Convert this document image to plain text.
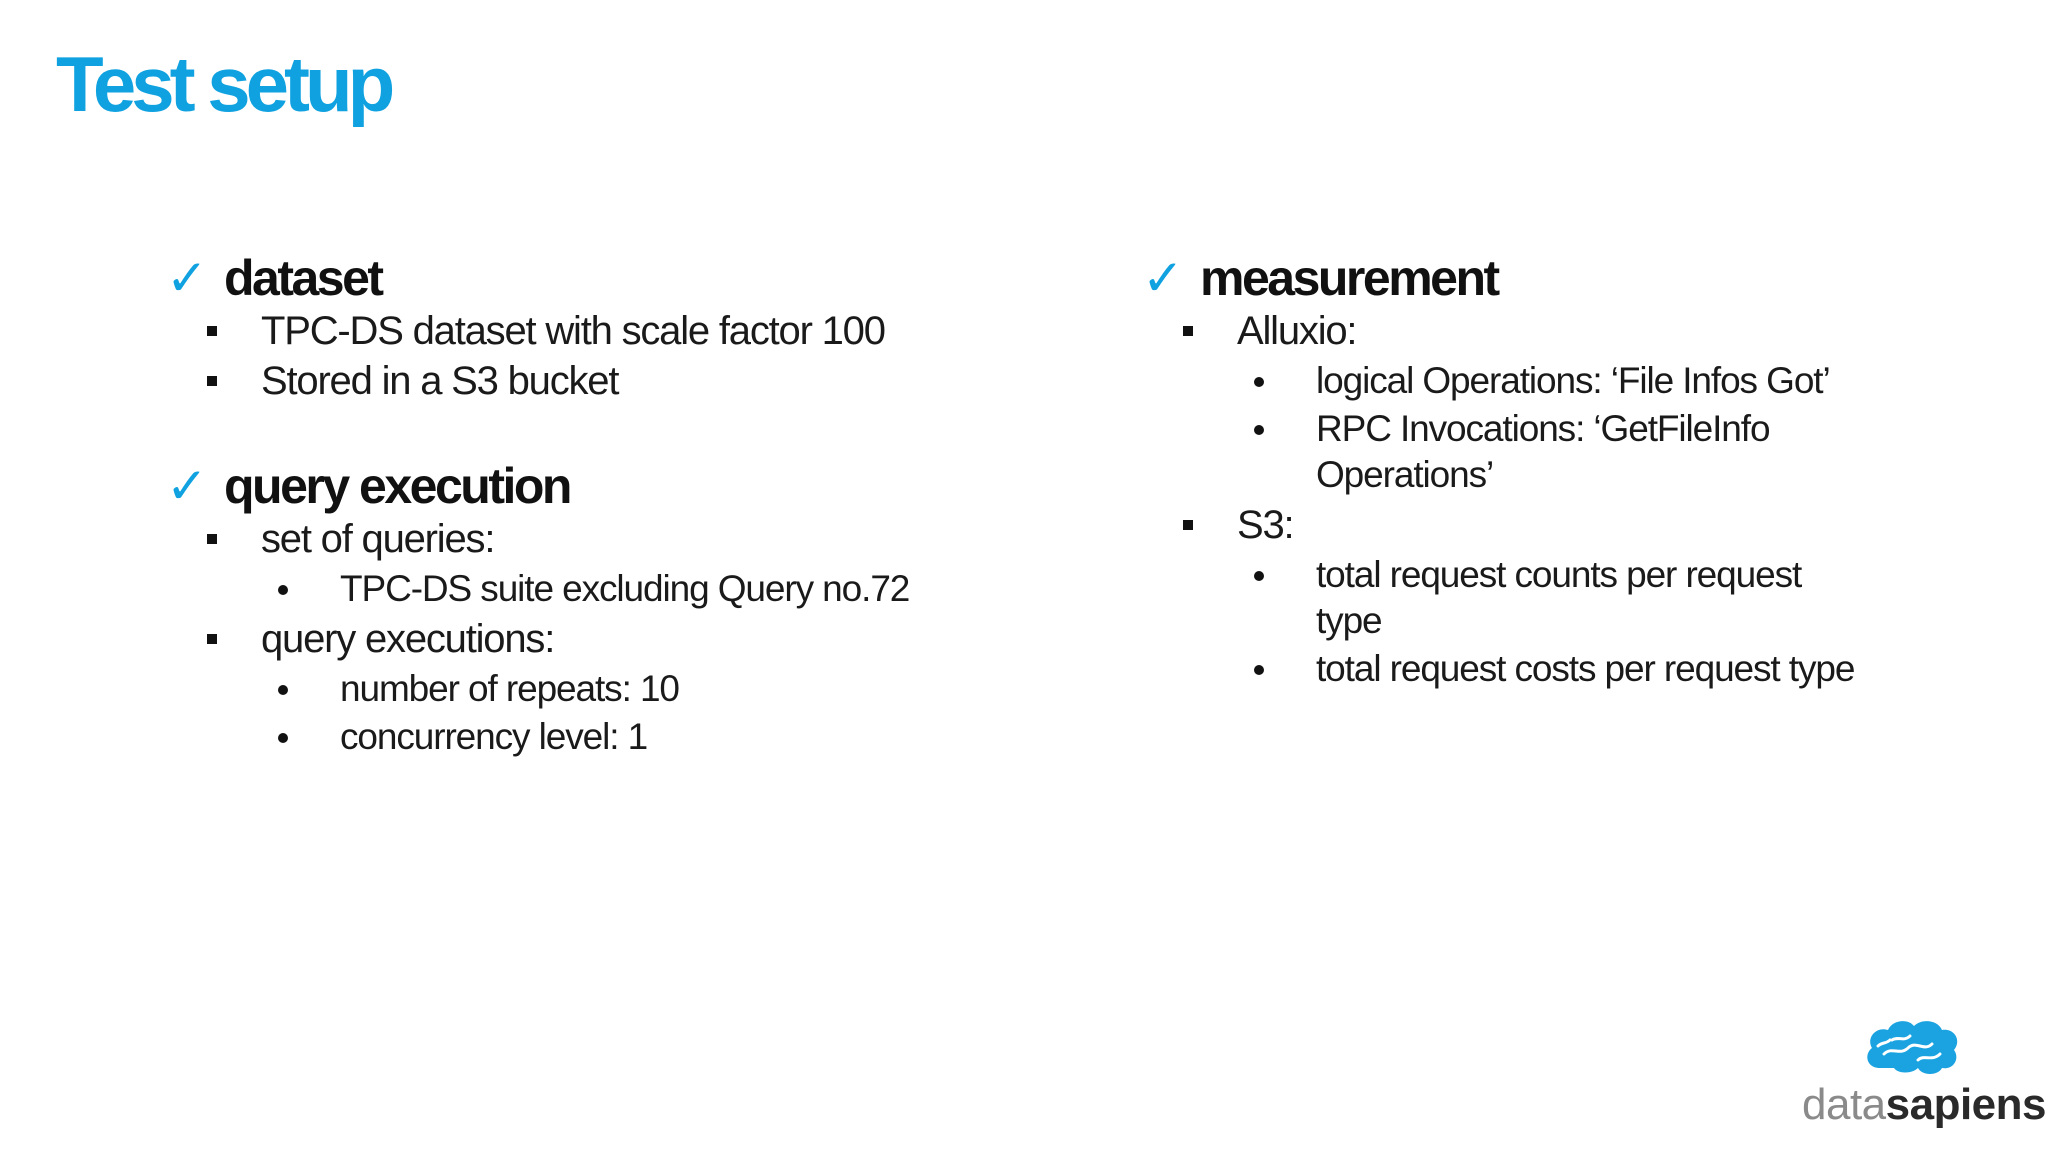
Test setup
✓ dataset
TPC-DS dataset with scale factor 100
Stored in a S3 bucket
✓ query execution
set of queries:
TPC-DS suite excluding Query no.72
query executions:
number of repeats: 10
concurrency level: 1
✓ measurement
Alluxio:
logical Operations: ‘File Infos Got’
RPC Invocations: ‘GetFileInfo Operations’
S3:
total request counts per request type
total request costs per request type
datasapiens
